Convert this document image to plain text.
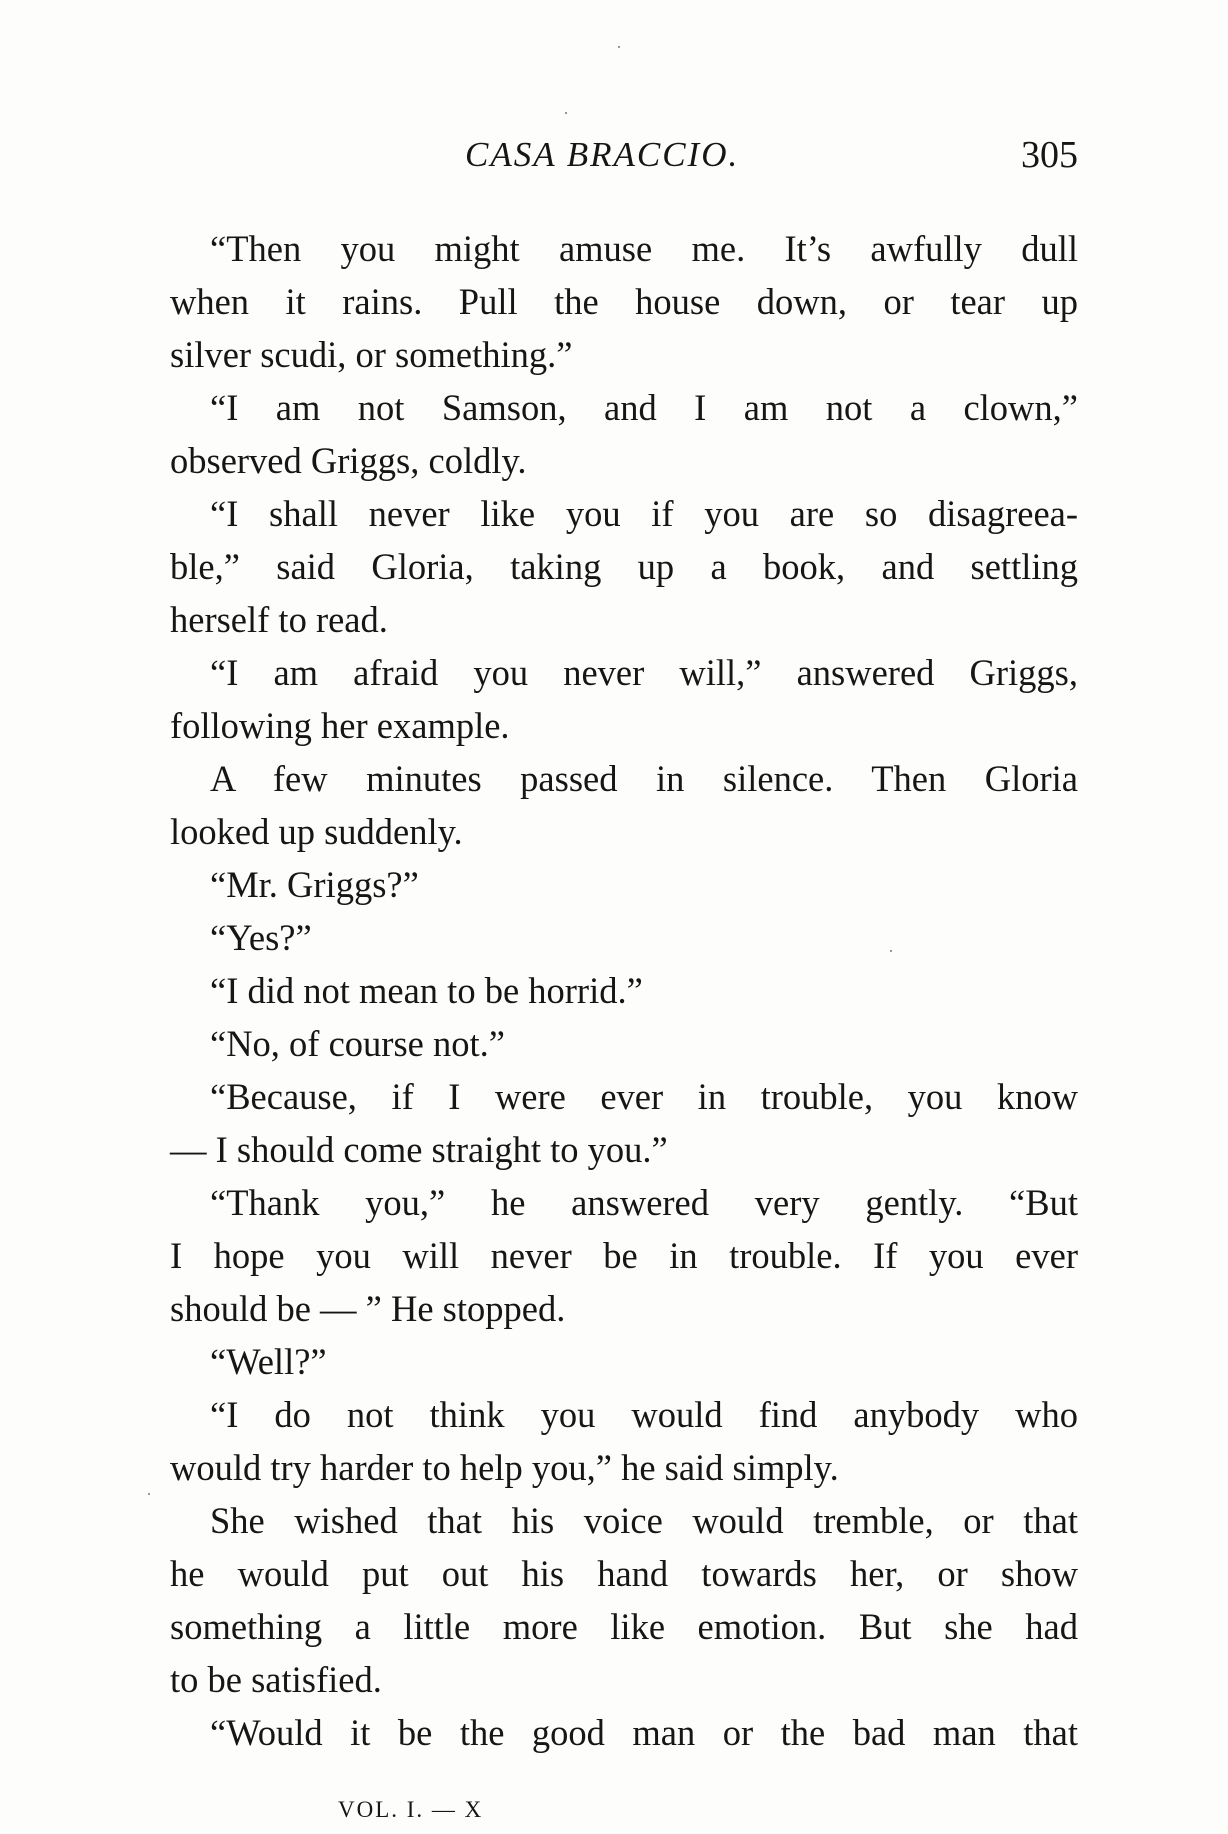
CASA BRACCIO.	305
“Then you might amuse me. It’s awfully dull
when it rains. Pull the house down, or tear up
silver scudi, or something.”
“I am not Samson, and I am not a clown,”
observed Griggs, coldly.
“I shall never like you if you are so disagreea-
ble,” said Gloria, taking up a book, and settling
herself to read.
“I am afraid you never will,” answered Griggs,
following her example.
A few minutes passed in silence. Then Gloria
looked up suddenly.
“Mr. Griggs?”
“Yes?”
“I did not mean to be horrid.”
“No, of course not.”
“Because, if I were ever in trouble, you know
— I should come straight to you.”
“Thank you,” he answered very gently. “But
I hope you will never be in trouble. If you ever
should be — ” He stopped.
“Well?”
“I do not think you would find anybody who
would try harder to help you,” he said simply.
She wished that his voice would tremble, or that
he would put out his hand towards her, or show
something a little more like emotion. But she had
to be satisfied.
“Would it be the good man or the bad man that
VOL. I. — X
